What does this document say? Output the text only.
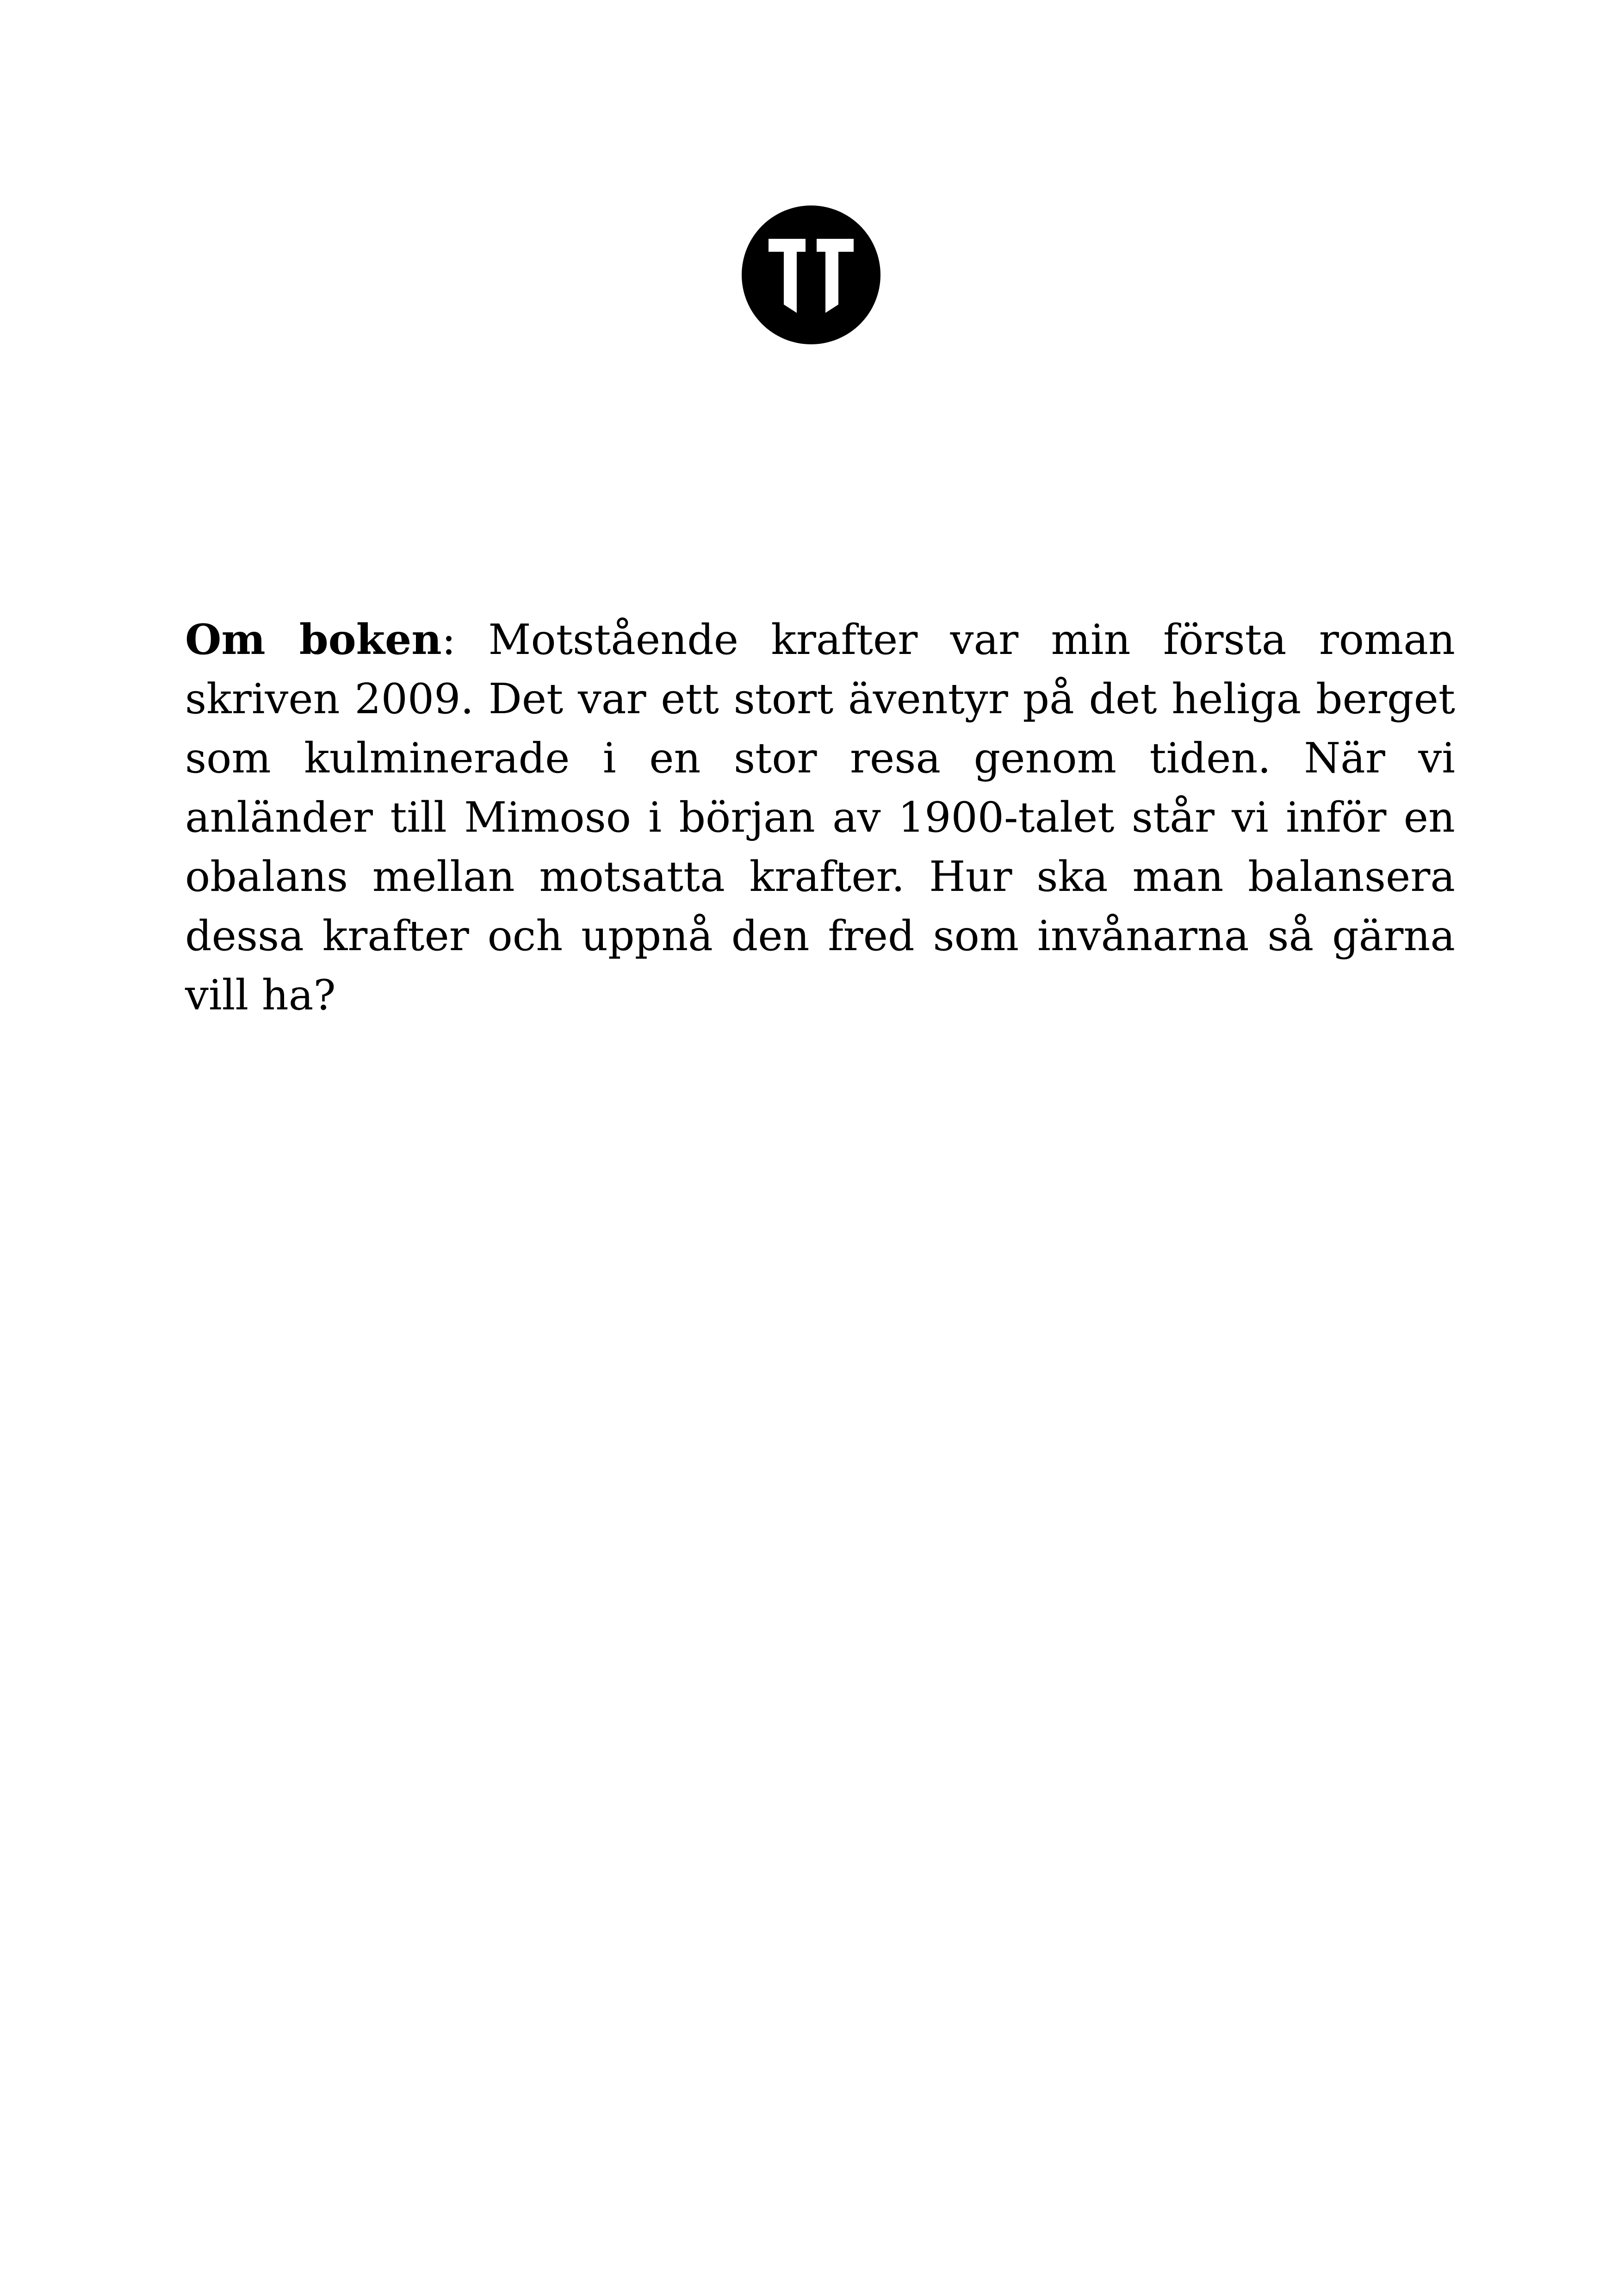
Om boken: Motstående krafter var min första roman skriven 2009. Det var ett stort äventyr på det heliga berget som kulminerade i en stor resa genom tiden. När vi anländer till Mimoso i början av 1900-talet står vi inför en obalans mellan motsatta krafter. Hur ska man balansera dessa krafter och uppnå den fred som invånarna så gärna vill ha?
